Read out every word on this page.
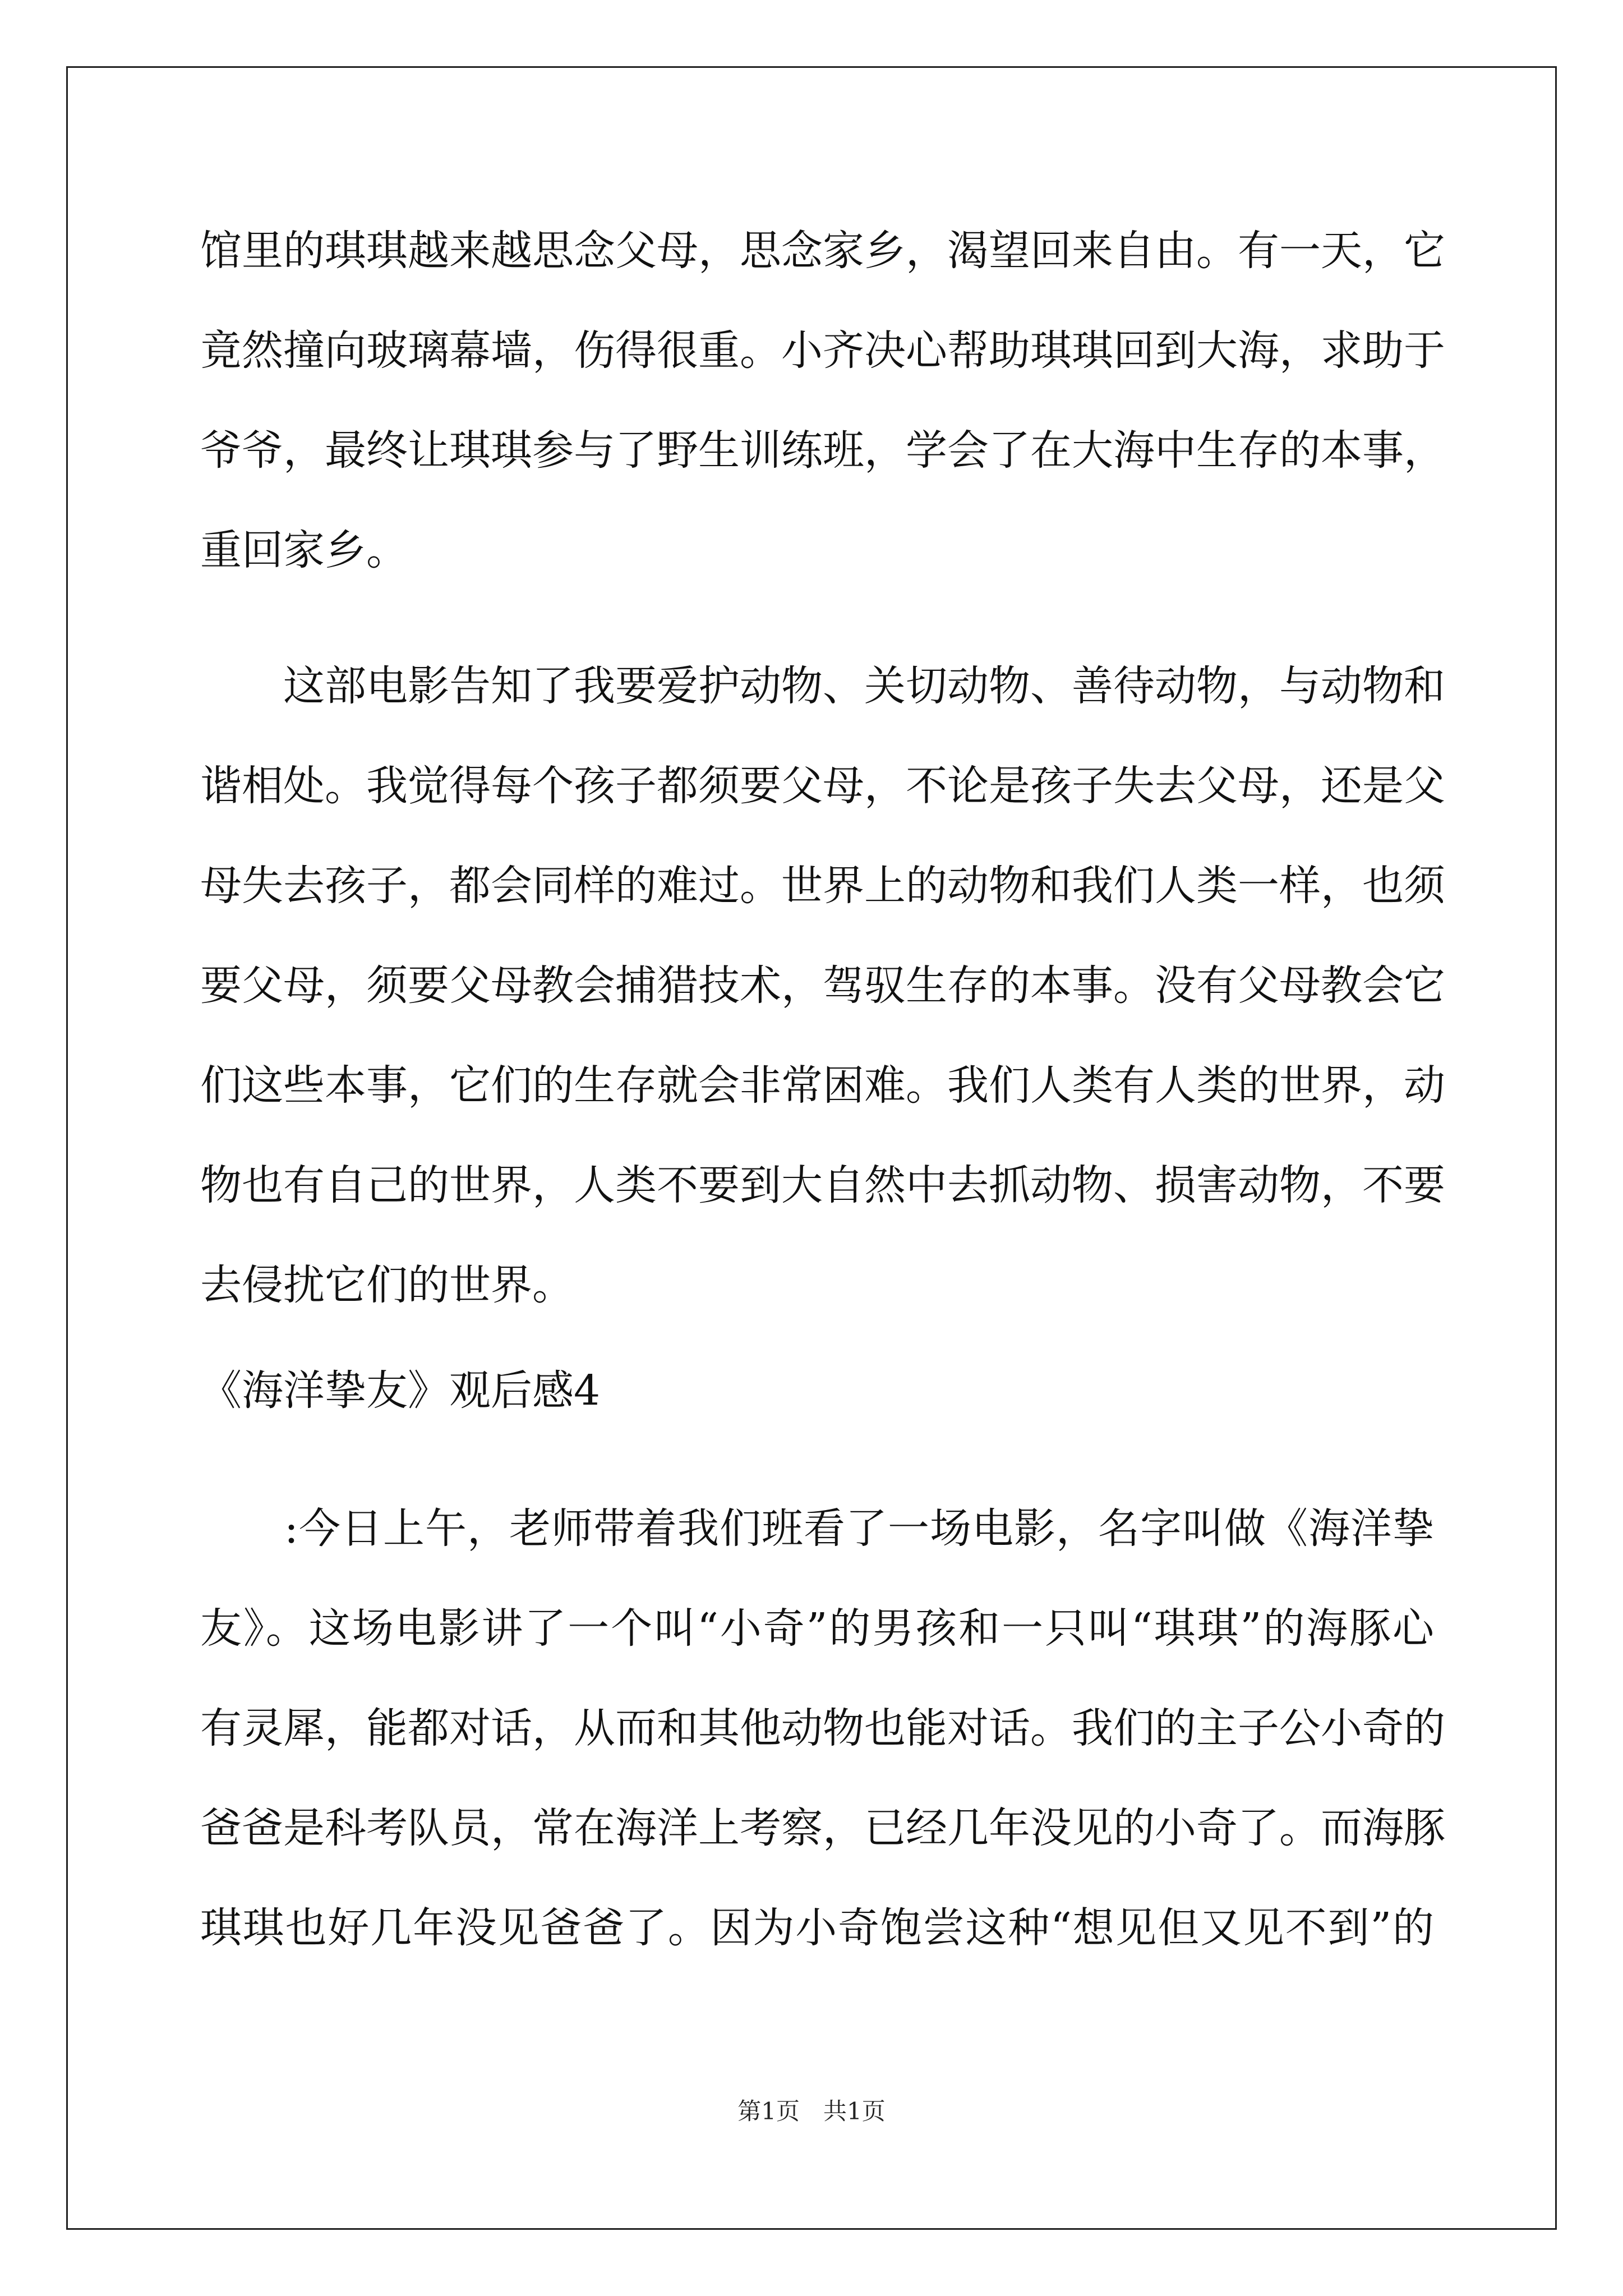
馆里的琪琪越来越思念父母，思念家乡，渴望回来自由。有一天，它
竟然撞向玻璃幕墙，伤得很重。小齐决心帮助琪琪回到大海，求助于
爷爷，最终让琪琪参与了野生训练班，学会了在大海中生存的本事，
重回家乡。
　　这部电影告知了我要爱护动物、关切动物、善待动物，与动物和
谐相处。我觉得每个孩子都须要父母，不论是孩子失去父母，还是父
母失去孩子，都会同样的难过。世界上的动物和我们人类一样，也须
要父母，须要父母教会捕猎技术，驾驭生存的本事。没有父母教会它
们这些本事，它们的生存就会非常困难。我们人类有人类的世界，动
物也有自己的世界，人类不要到大自然中去抓动物、损害动物，不要
去侵扰它们的世界。
《海洋挚友》观后感4
　　:今日上午，老师带着我们班看了一场电影，名字叫做《海洋挚
友》。这场电影讲了一个叫“小奇”的男孩和一只叫“琪琪”的海豚心
有灵犀，能都对话，从而和其他动物也能对话。我们的主子公小奇的
爸爸是科考队员，常在海洋上考察，已经几年没见的小奇了。而海豚
琪琪也好几年没见爸爸了。因为小奇饱尝这种“想见但又见不到”的
第1页　共1页
